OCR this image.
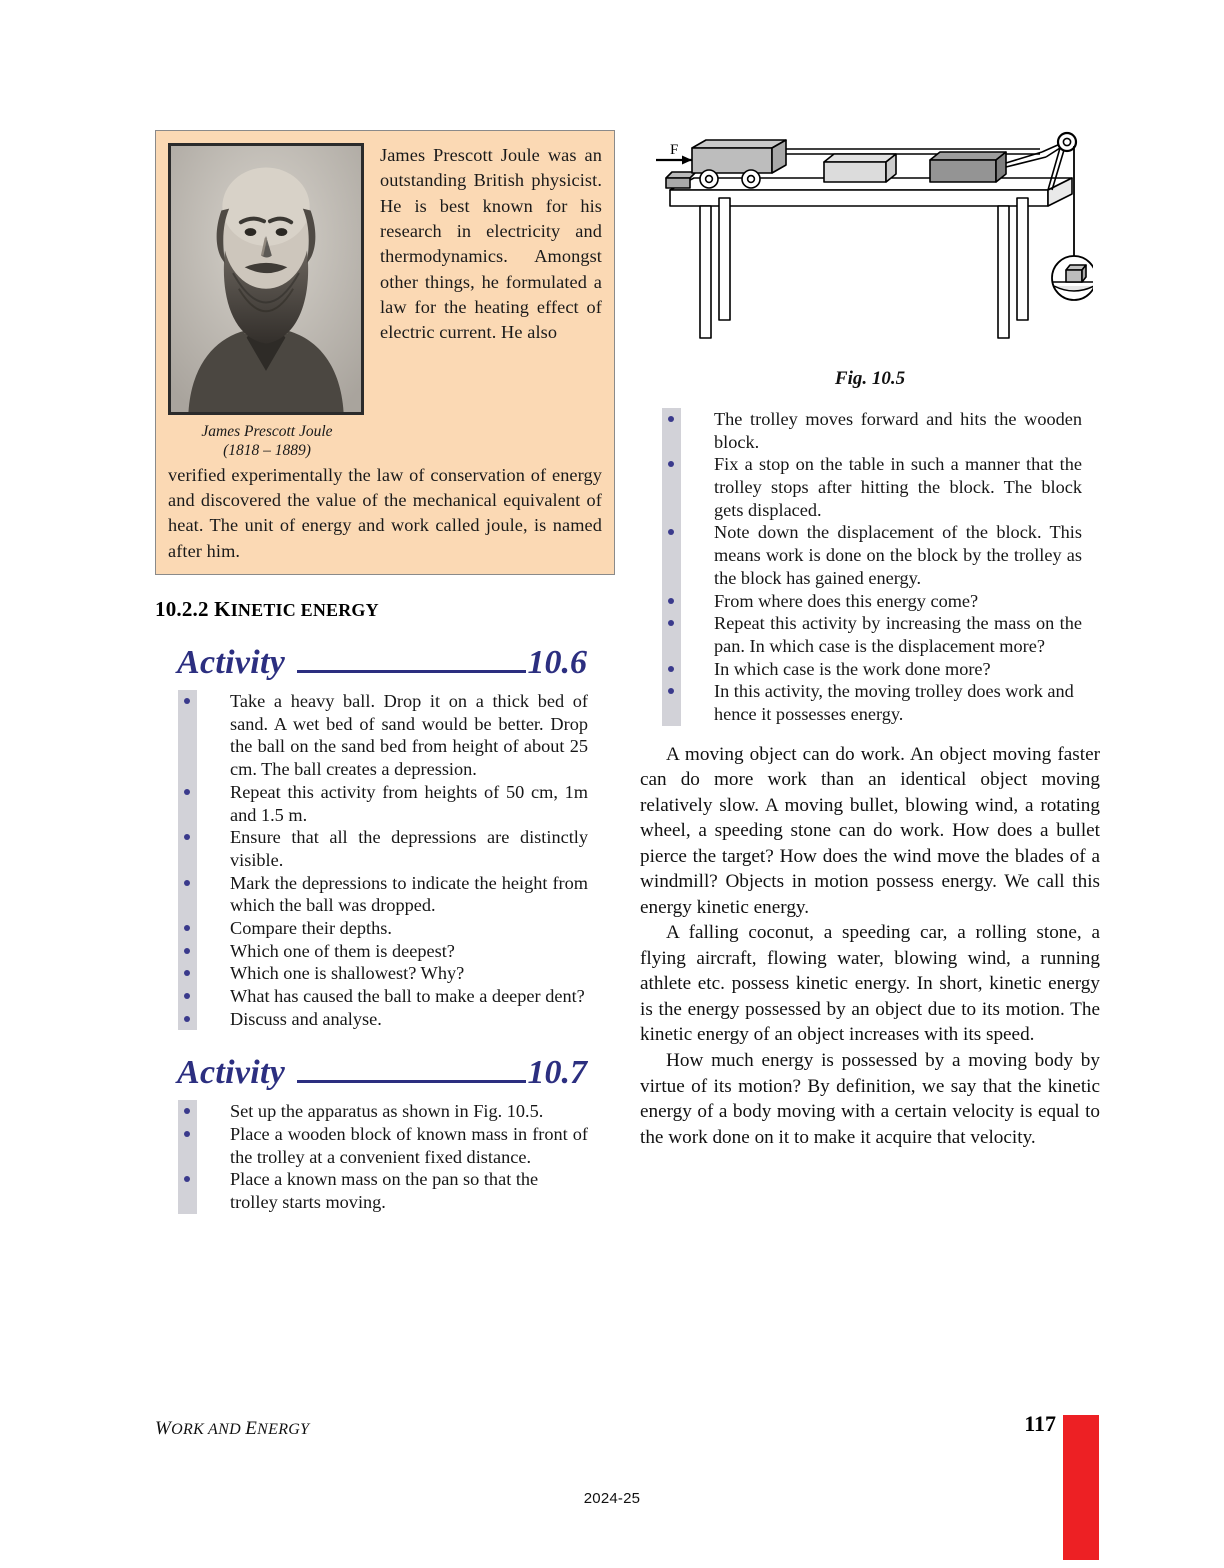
James Prescott Joule
(1818 – 1889)
James Prescott Joule was an outstanding British physicist. He is best known for his research in electricity and thermodynamics. Amongst other things, he formulated a law for the heating effect of electric current. He also
verified experimentally the law of conservation of energy and discovered the value of the mechanical equivalent of heat. The unit of energy and work called joule, is named after him.
10.2.2 KINETIC ENERGY
Activity	10.6
Take a heavy ball. Drop it on a thick bed of sand. A wet bed of sand would be better. Drop the ball on the sand bed from height of about 25 cm. The ball creates a depression.
Repeat this activity from heights of 50 cm, 1m and 1.5 m.
Ensure that all the depressions are distinctly visible.
Mark the depressions to indicate the height from which the ball was dropped.
Compare their depths.
Which one of them is deepest?
Which one is shallowest? Why?
What has caused the ball to make a deeper dent?
Discuss and analyse.
Activity	10.7
Set up the apparatus as shown in Fig. 10.5.
Place a wooden block of known mass in front of the trolley at a convenient fixed distance.
Place a known mass on the pan so that the trolley starts moving.
F
Fig. 10.5
The trolley moves forward and hits the wooden block.
Fix a stop on the table in such a manner that the trolley stops after hitting the block. The block gets displaced.
Note down the displacement of the block. This means work is done on the block by the trolley as the block has gained energy.
From where does this energy come?
Repeat this activity by increasing the mass on the pan. In which case is the displacement more?
In which case is the work done more?
In this activity, the moving trolley does work and hence it possesses energy.

A moving object can do work. An object moving faster can do more work than an identical object moving relatively slow. A moving bullet, blowing wind, a rotating wheel, a speeding stone can do work. How does a bullet pierce the target? How does the wind move the blades of a windmill? Objects in motion possess energy. We call this energy kinetic energy.

A falling coconut, a speeding car, a rolling stone, a flying aircraft, flowing water, blowing wind, a running athlete etc. possess kinetic energy. In short, kinetic energy is the energy possessed by an object due to its motion. The kinetic energy of an object increases with its speed.

How much energy is possessed by a moving body by virtue of its motion? By definition, we say that the kinetic energy of a body moving with a certain velocity is equal to the work done on it to make it acquire that velocity.

WORK AND ENERGY	117
2024-25
